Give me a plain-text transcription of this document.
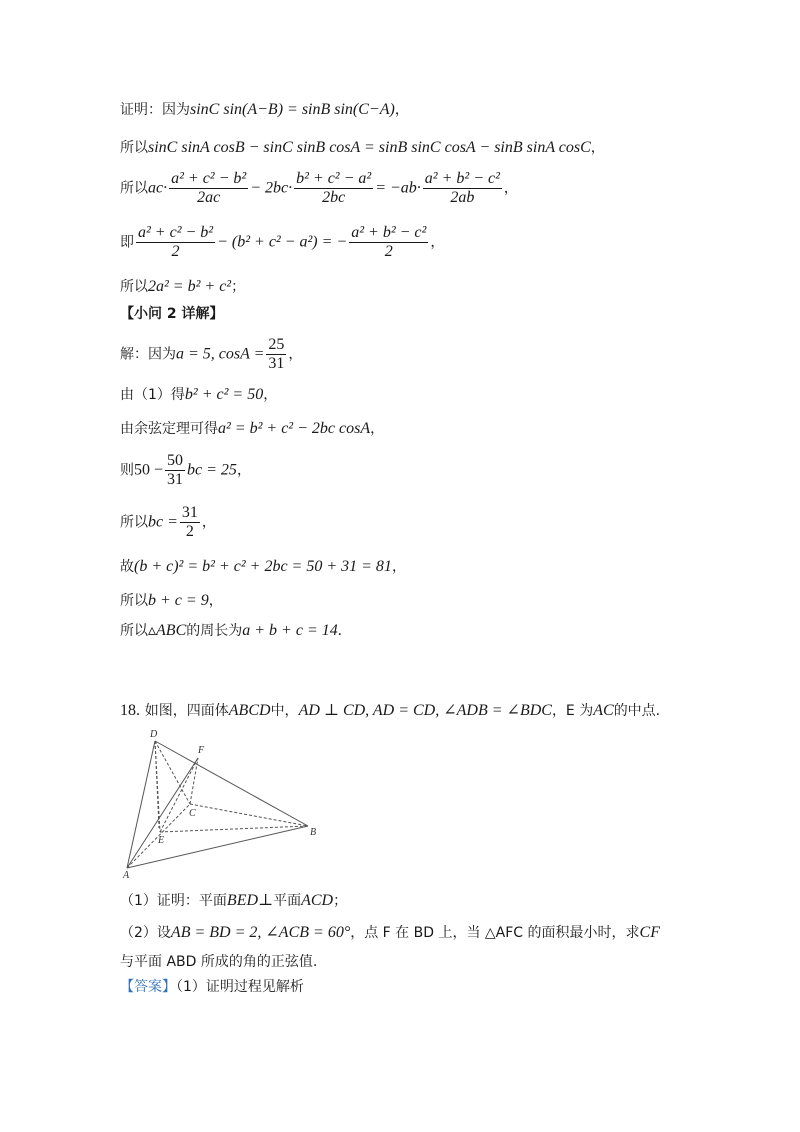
证明：因为sinC sin(A−B) = sinB sin(C−A)，
所以sinC sinA cosB − sinC sinB cosA = sinB sinC cosA − sinB sinA cosC，
所以$ac\cdot \frac{\text{a² + c² − b²}}{2ac} - 2bc\cdot \frac{\text{b² + c² − a²}}{2bc} = -ab\cdot \frac{\text{a² + b² − c²}}{2ab}$ ，
即 $\frac{\text{a² + c² − b²}}{2} - (b^2 + c^2 - a^2)$ = − $\frac{\text{a² + b² − c²}}{2}$ ，
所以2a² = b² + c²；
【小问 2 详解】
解：因为a = 5, $\cos A = \frac{25}{31}$ ，
由（1）得b² + c² = 50，
由余弦定理可得a² = b² + c² − 2bc cosA，
则$50 - \frac{50}{31}$ bc = 25，
所以bc = $\frac{31}{2}$ ，
故(b + c)² = b² + c² + 2bc = 50 + 31 = 81，
所以b + c = 9，
所以▵ABC的周长为a + b + c = 14.
18. 如图，四面体ABCD中，AD ⊥ CD, AD = CD, ∠ADB = ∠BDC，E 为AC的中点.
D
F
C
B
E
A
（1）证明：平面BED⊥平面ACD；
（2）设AB = BD = 2, ∠ACB = 60°，点 F 在 BD 上，当 △AFC 的面积最小时，求CF
与平面 ABD 所成的角的正弦值.
【答案】（1）证明过程见解析
